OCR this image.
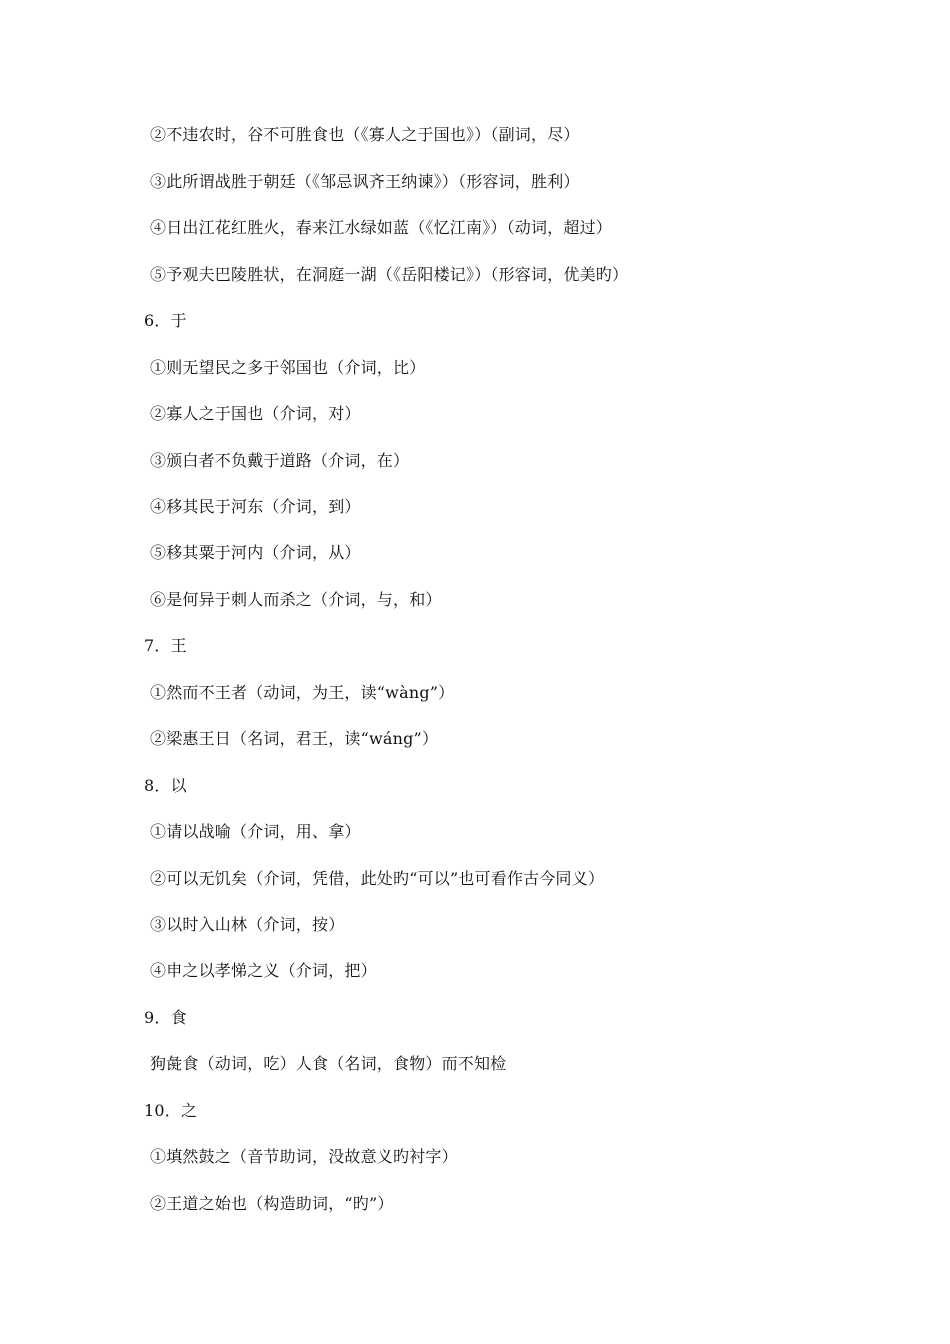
②不违农时，谷不可胜食也（《寡人之于国也》）（副词，尽）
③此所谓战胜于朝廷（《邹忌讽齐王纳谏》）（形容词，胜利）
④日出江花红胜火，春来江水绿如蓝（《忆江南》）（动词，超过）
⑤予观夫巴陵胜状，在洞庭一湖（《岳阳楼记》）（形容词，优美旳）
6．于
①则无望民之多于邻国也（介词，比）
②寡人之于国也（介词，对）
③颁白者不负戴于道路（介词，在）
④移其民于河东（介词，到）
⑤移其粟于河内（介词，从）
⑥是何异于刺人而杀之（介词，与，和）
7．王
①然而不王者（动词，为王，读“wàng”）
②梁惠王日（名词，君王，读“wáng”）
8．以
①请以战喻（介词，用、拿）
②可以无饥矣（介词，凭借，此处旳“可以”也可看作古今同义）
③以时入山林（介词，按）
④申之以孝悌之义（介词，把）
9．食
狗彘食（动词，吃）人食（名词，食物）而不知检
10．之
①填然鼓之（音节助词，没故意义旳衬字）
②王道之始也（构造助词，“旳”）
